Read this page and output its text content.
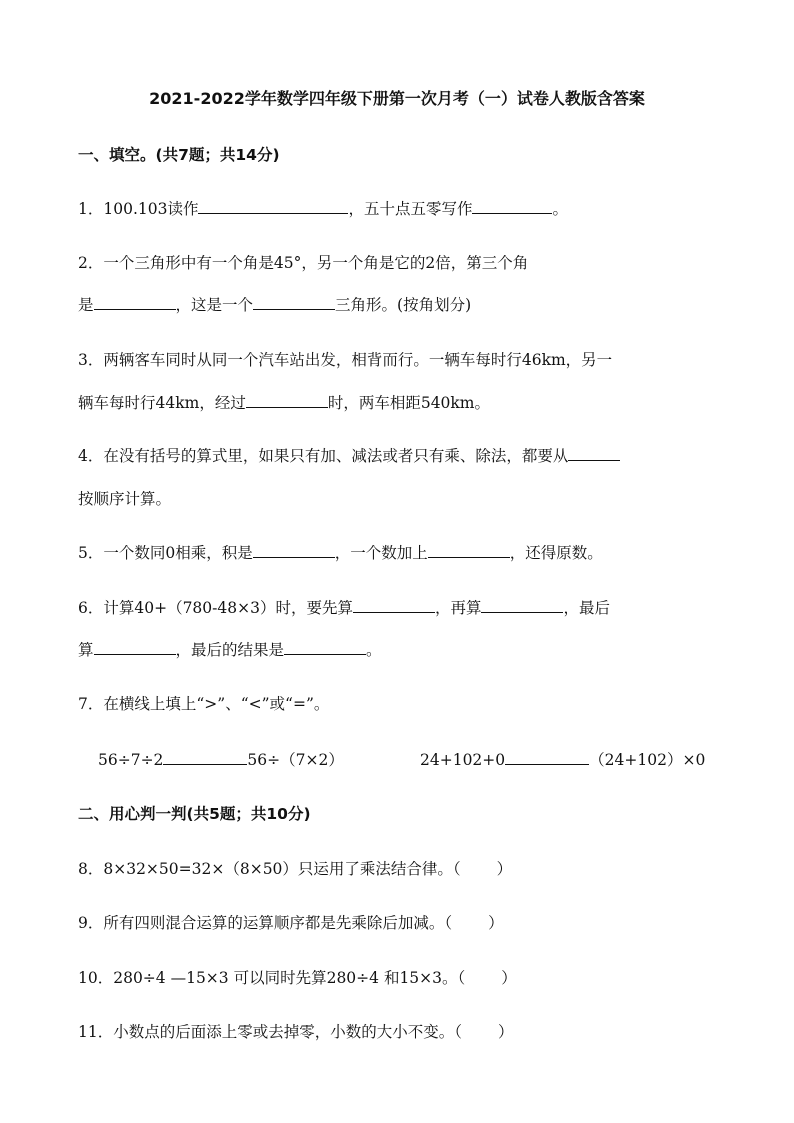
2021-2022学年数学四年级下册第一次月考（一）试卷人教版含答案
一、填空。(共7题；共14分)
1．100.103读作	，五十点五零写作	。
2．一个三角形中有一个角是45°，另一个角是它的2倍，第三个角
是	，这是一个	三角形。(按角划分)
3．两辆客车同时从同一个汽车站出发，相背而行。一辆车每时行46km，另一
辆车每时行44km，经过	时，两车相距540km。
4．在没有括号的算式里，如果只有加、减法或者只有乘、除法，都要从
按顺序计算。
5．一个数同0相乘，积是	，一个数加上	，还得原数。
6．计算40+（780-48×3）时，要先算	，再算	，最后
算	，最后的结果是	。
7．在横线上填上“>”、“<”或“=”。
56÷7÷2	56÷（7×2）	24+102+0	（24+102）×0
二、用心判一判(共5题；共10分)
8．8×32×50=32×（8×50）只运用了乘法结合律。（ ）
9．所有四则混合运算的运算顺序都是先乘除后加减。（ ）
10．280÷4 —15×3 可以同时先算280÷4 和15×3。（ ）
11．小数点的后面添上零或去掉零，小数的大小不变。（ ）
